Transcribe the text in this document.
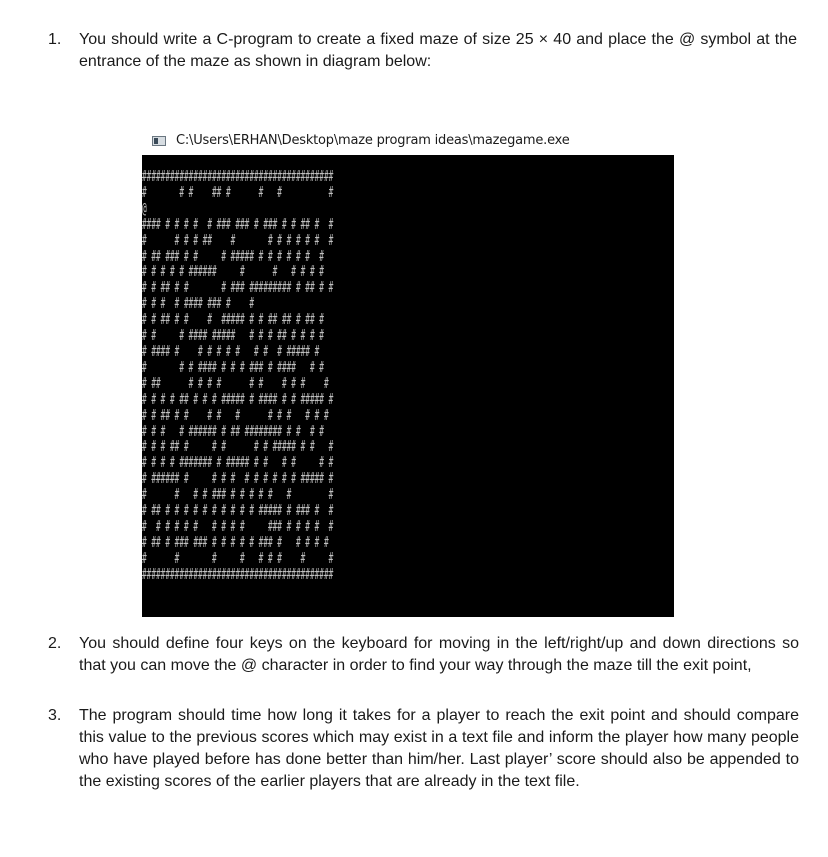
1. You should write a C-program to create a fixed maze of size 25 × 40 and place the @ symbol at the entrance of the maze as shown in diagram below:
C:\Users\ERHAN\Desktop\maze program ideas\mazegame.exe
#########################################
#       # #    ## #      #   #          #
@
#### # # # #  # ### ### # ### # # ## #  #
#      # # # ##    #       # # # # # #  #
# ## ### # #     # ##### # # # # # #  #
# # # # # ######     #      #   # # # #
# # ## # #       # ### ######### # ## # #
# # #  # #### ### #    #
# # ## # #    #  ##### # # ## ## # ## #
# #     # #### #####   # # # ## # # # #
# #### #    # # # # #   # #  # ##### #
#       # # #### # # # ### # ####   # #
# ##      # # # #      # #    # # #    #
# # # # ## # # # ##### # #### # # ##### #
# # ## # #    # #   #      # # #   # # #
# # #   # ###### # ## ######## # #  # #
# # # ## #     # #      # # ##### # #   #
# # # # ####### # ##### # #   # #     # #
# ###### #     # # #  # # # # # # ##### #
#      #   # # ### # # # # #   #        #
# ## # # # # # # # # # # ##### # ### #  #
#  # # # # #   # # # #     ### # # # #  #
# ## # ### ### # # # # # ### #   # # # #
#      #       #     #   # # #    #     #
#########################################

2. You should define four keys on the keyboard for moving in the left/right/up and down directions so that you can move the @ character in order to find your way through the maze till the exit point,
3. The program should time how long it takes for a player to reach the exit point and should compare this value to the previous scores which may exist in a text file and inform the player how many people who have played before has done better than him/her. Last player’ score should also be appended to the existing scores of the earlier players that are already in the text file.
